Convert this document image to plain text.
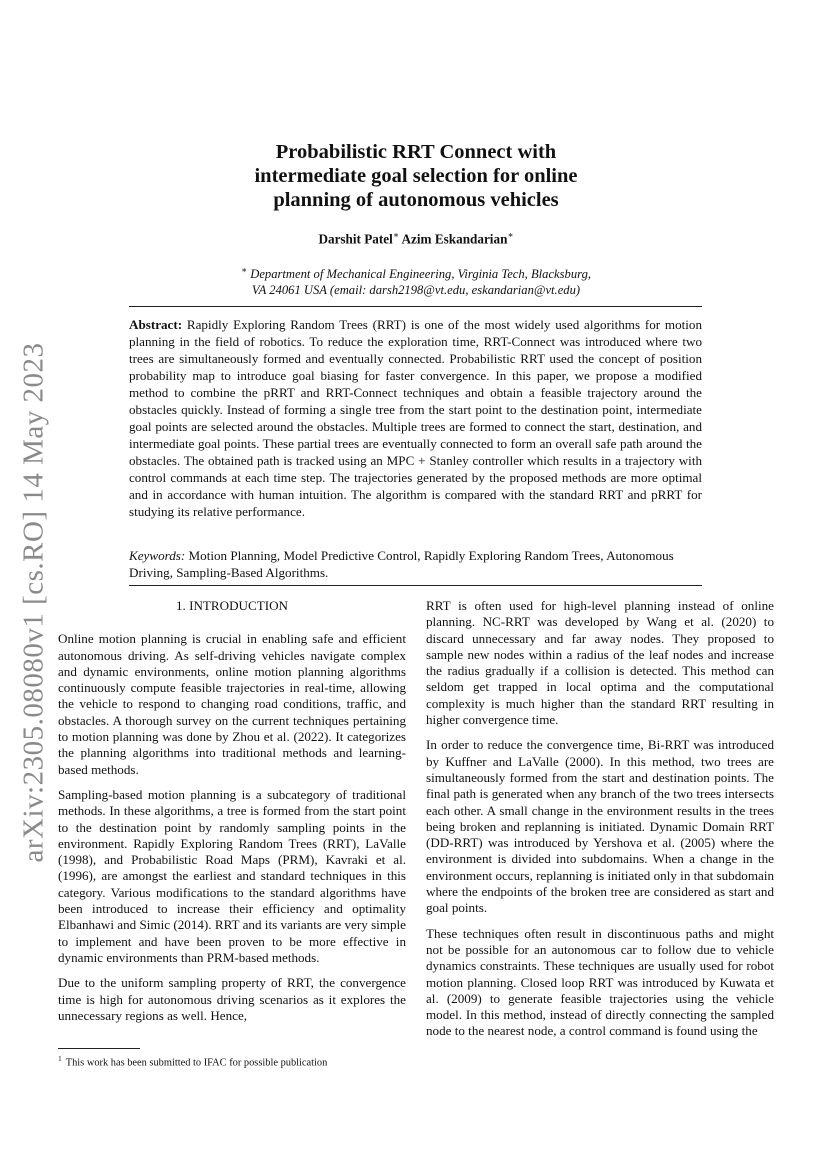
arXiv:2305.08080v1 [cs.RO] 14 May 2023
Probabilistic RRT Connect with
intermediate goal selection for online
planning of autonomous vehicles
Darshit Patel∗ Azim Eskandarian∗
∗ Department of Mechanical Engineering, Virginia Tech, Blacksburg,
VA 24061 USA (email: darsh2198@vt.edu, eskandarian@vt.edu)
Abstract: Rapidly Exploring Random Trees (RRT) is one of the most widely used algorithms for motion planning in the field of robotics. To reduce the exploration time, RRT-Connect was introduced where two trees are simultaneously formed and eventually connected. Probabilistic RRT used the concept of position probability map to introduce goal biasing for faster convergence. In this paper, we propose a modified method to combine the pRRT and RRT-Connect techniques and obtain a feasible trajectory around the obstacles quickly. Instead of forming a single tree from the start point to the destination point, intermediate goal points are selected around the obstacles. Multiple trees are formed to connect the start, destination, and intermediate goal points. These partial trees are eventually connected to form an overall safe path around the obstacles. The obtained path is tracked using an MPC + Stanley controller which results in a trajectory with control commands at each time step. The trajectories generated by the proposed methods are more optimal and in accordance with human intuition. The algorithm is compared with the standard RRT and pRRT for studying its relative performance.
Keywords: Motion Planning, Model Predictive Control, Rapidly Exploring Random Trees, Autonomous Driving, Sampling-Based Algorithms.
1. INTRODUCTION

Online motion planning is crucial in enabling safe and efficient autonomous driving. As self-driving vehicles navigate complex and dynamic environments, online motion planning algorithms continuously compute feasible trajectories in real-time, allowing the vehicle to respond to changing road conditions, traffic, and obstacles. A thorough survey on the current techniques pertaining to motion planning was done by Zhou et al. (2022). It categorizes the planning algorithms into traditional methods and learning-based methods.

Sampling-based motion planning is a subcategory of traditional methods. In these algorithms, a tree is formed from the start point to the destination point by randomly sampling points in the environment. Rapidly Exploring Random Trees (RRT), LaValle (1998), and Probabilistic Road Maps (PRM), Kavraki et al. (1996), are amongst the earliest and standard techniques in this category. Various modifications to the standard algorithms have been introduced to increase their efficiency and optimality Elbanhawi and Simic (2014). RRT and its variants are very simple to implement and have been proven to be more effective in dynamic environments than PRM-based methods.

Due to the uniform sampling property of RRT, the convergence time is high for autonomous driving scenarios as it explores the unnecessary regions as well. Hence,

RRT is often used for high-level planning instead of online planning. NC-RRT was developed by Wang et al. (2020) to discard unnecessary and far away nodes. They proposed to sample new nodes within a radius of the leaf nodes and increase the radius gradually if a collision is detected. This method can seldom get trapped in local optima and the computational complexity is much higher than the standard RRT resulting in higher convergence time.

In order to reduce the convergence time, Bi-RRT was introduced by Kuffner and LaValle (2000). In this method, two trees are simultaneously formed from the start and destination points. The final path is generated when any branch of the two trees intersects each other. A small change in the environment results in the trees being broken and replanning is initiated. Dynamic Domain RRT (DD-RRT) was introduced by Yershova et al. (2005) where the environment is divided into subdomains. When a change in the environment occurs, replanning is initiated only in that subdomain where the endpoints of the broken tree are considered as start and goal points.

These techniques often result in discontinuous paths and might not be possible for an autonomous car to follow due to vehicle dynamics constraints. These techniques are usually used for robot motion planning. Closed loop RRT was introduced by Kuwata et al. (2009) to generate feasible trajectories using the vehicle model. In this method, instead of directly connecting the sampled node to the nearest node, a control command is found using the

$^1$ This work has been submitted to IFAC for possible publication
